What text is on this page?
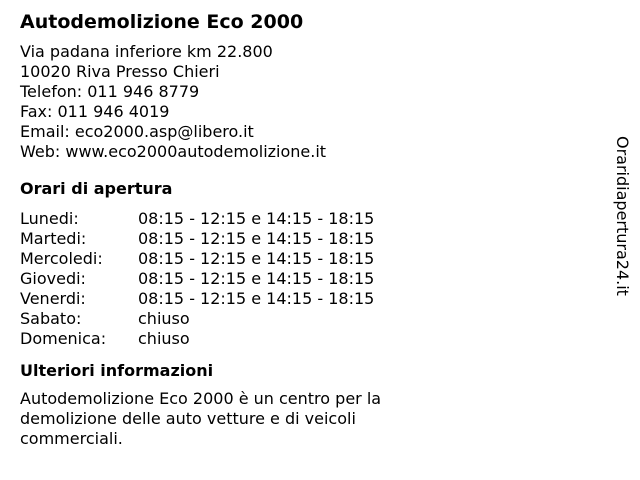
Autodemolizione Eco 2000
Via padana inferiore km 22.800
10020 Riva Presso Chieri
Telefon: 011 946 8779
Fax: 011 946 4019
Email: eco2000.asp@libero.it
Web: www.eco2000autodemolizione.it
Orari di apertura
Lunedi:	08:15 - 12:15 e 14:15 - 18:15
Martedi:	08:15 - 12:15 e 14:15 - 18:15
Mercoledi:	08:15 - 12:15 e 14:15 - 18:15
Giovedi:	08:15 - 12:15 e 14:15 - 18:15
Venerdi:	08:15 - 12:15 e 14:15 - 18:15
Sabato:	chiuso
Domenica:	chiuso
Ulteriori informazioni
Autodemolizione Eco 2000 è un centro per la demolizione delle auto vetture e di veicoli commerciali.
Oraridiapertura24.it
